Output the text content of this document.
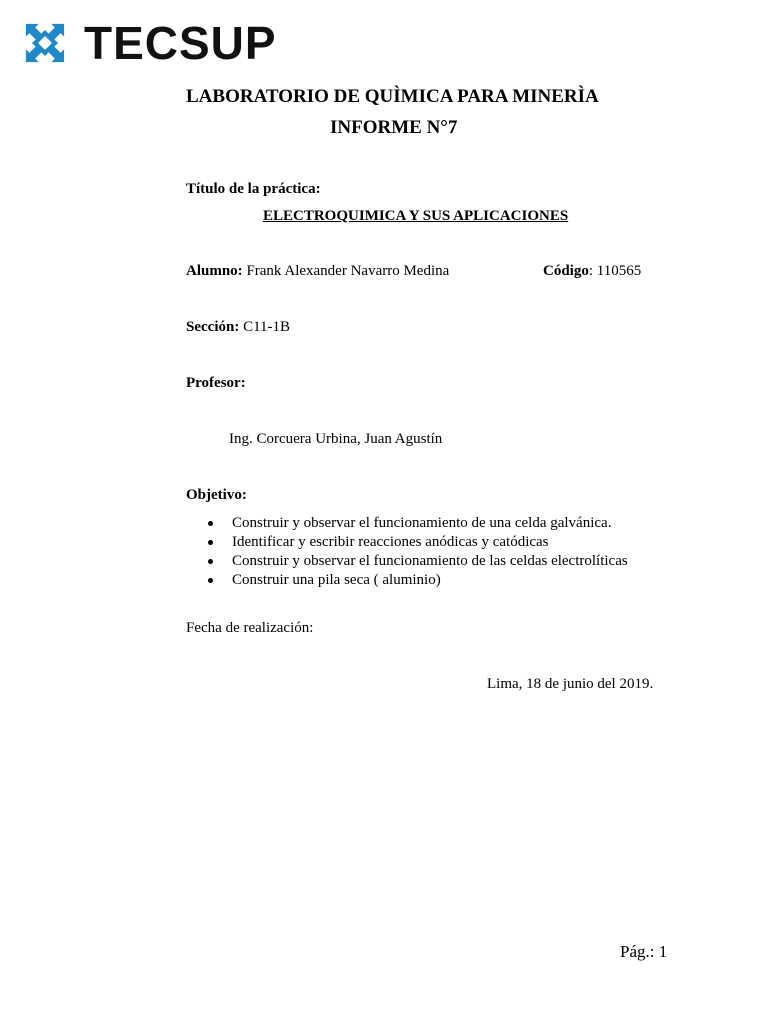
TECSUP
LABORATORIO DE QUÌMICA PARA MINERÌA
INFORME N°7
Título de la práctica:
ELECTROQUIMICA Y SUS APLICACIONES
Alumno: Frank Alexander Navarro Medina	Código: 110565
Sección: C11-1B
Profesor:
Ing. Corcuera Urbina, Juan Agustín
Objetivo:
Construir y observar el funcionamiento de una celda galvánica.
Identificar y escribir reacciones anódicas y catódicas
Construir y observar el funcionamiento de las celdas electrolíticas
Construir una pila seca ( aluminio)
Fecha de realización:
Lima, 18 de junio del 2019.
Pág.: 1
